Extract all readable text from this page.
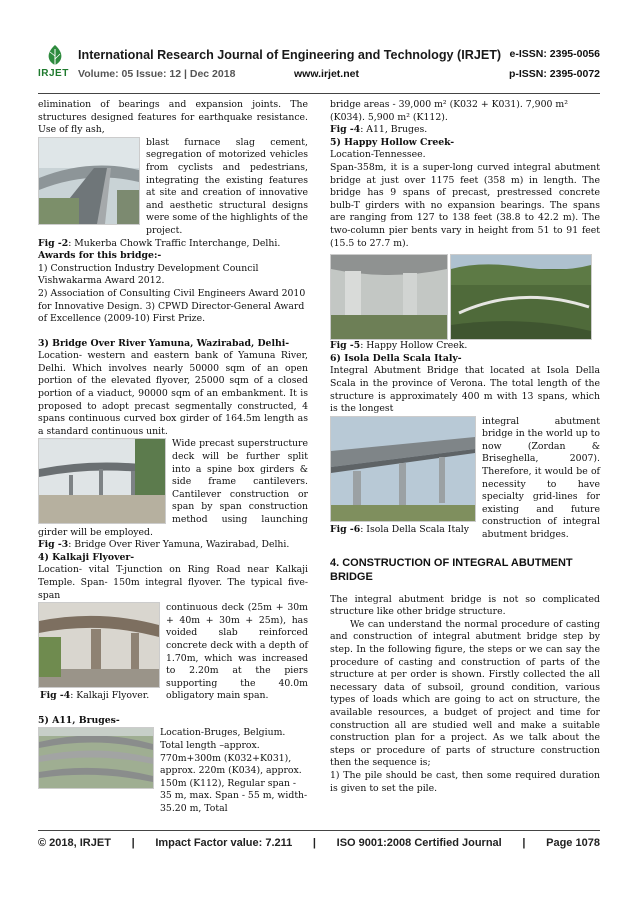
IRJET
International Research Journal of Engineering and Technology (IRJET)
Volume: 05 Issue: 12 | Dec 2018	www.irjet.net
e-ISSN: 2395-0056
p-ISSN: 2395-0072

elimination of bearings and expansion joints. The structures designed features for earthquake resistance. Use of fly ash,

blast furnace slag cement, segregation of motorized vehicles from cyclists and pedestrians, integrating the existing features at site and creation of innovative and aesthetic structural designs were some of the highlights of the project.

Fig -2: Mukerba Chowk Traffic Interchange, Delhi.

Awards for this bridge:-

1) Construction Industry Development Council

Vishwakarma Award 2012.

2) Association of Consulting Civil Engineers Award 2010

for Innovative Design. 3) CPWD Director-General Award

of Excellence (2009-10) First Prize.

3) Bridge Over River Yamuna, Wazirabad, Delhi-

Location- western and eastern bank of Yamuna River, Delhi. Which involves nearly 50000 sqm of an open portion of the elevated flyover, 25000 sqm of a closed portion of a viaduct, 90000 sqm of an embankment. It is proposed to adopt precast segmentally constructed, 4 spans continuous curved box girder of 164.5m length as a standard continuous unit.

Wide precast superstructure deck will be further split into a spine box girders & side frame cantilevers. Cantilever construction or span by span construction method using launching girder will be employed.

Fig -3: Bridge Over River Yamuna, Wazirabad, Delhi.

4) Kalkaji Flyover-

Location- vital T-junction on Ring Road near Kalkaji Temple. Span- 150m integral flyover. The typical five-span

Fig -4: Kalkaji Flyover.

continuous deck (25m + 30m + 40m + 30m + 25m), has voided slab reinforced concrete deck with a depth of 1.70m, which was increased to 2.20m at the piers supporting the 40.0m obligatory main span.

5) A11, Bruges-

Location-Bruges, Belgium. Total length –approx. 770m+300m (K032+K031), approx. 220m (K034), approx. 150m (K112), Regular span - 35 m, max. Span - 55 m, width-35.20 m, Total

bridge areas - 39,000 m² (K032 + K031). 7,900 m² (K034). 5,900 m² (K112).

Fig -4: A11, Bruges.

5) Happy Hollow Creek-

Location-Tennessee.

Span-358m, it is a super-long curved integral abutment bridge at just over 1175 feet (358 m) in length. The bridge has 9 spans of precast, prestressed concrete bulb-T girders with no expansion bearings. The spans are ranging from 127 to 138 feet (38.8 to 42.2 m). The two-column pier bents vary in height from 51 to 91 feet (15.5 to 27.7 m).

Fig -5: Happy Hollow Creek.

6) Isola Della Scala Italy-

Integral Abutment Bridge that located at Isola Della Scala in the province of Verona. The total length of the structure is approximately 400 m with 13 spans, which is the longest

Fig -6: Isola Della Scala Italy

integral abutment bridge in the world up to now (Zordan & Briseghella, 2007). Therefore, it would be of necessity to have specialty grid-lines for existing and future construction of integral abutment bridges.

4. CONSTRUCTION OF INTEGRAL ABUTMENT BRIDGE

The integral abutment bridge is not so complicated structure like other bridge structure.

We can understand the normal procedure of casting and construction of integral abutment bridge step by step. In the following figure, the steps or we can say the procedure of casting and construction of parts of the structure at per order is shown. Firstly collected the all necessary data of subsoil, ground condition, various types of loads which are going to act on structure, the available resources, a budget of project and time for construction all are studied well and make a suitable construction plan for a project. As we talk about the steps or procedure of parts of structure construction then the sequence is;

1) The pile should be cast, then some required duration is given to set the pile.

© 2018, IRJET | Impact Factor value: 7.211 | ISO 9001:2008 Certified Journal | Page 1078
